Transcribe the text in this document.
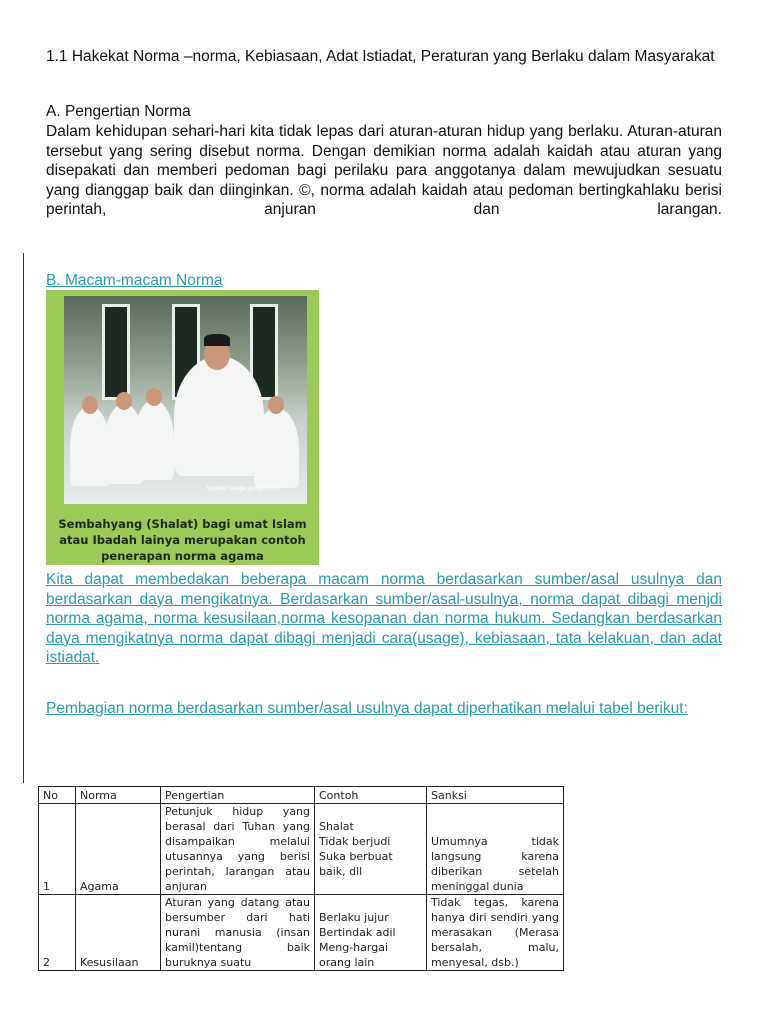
1.1 Hakekat Norma –norma, Kebiasaan, Adat Istiadat, Peraturan yang Berlaku dalam Masyarakat
A. Pengertian Norma
Dalam kehidupan sehari-hari kita tidak lepas dari aturan-aturan hidup yang berlaku. Aturan-aturan tersebut yang sering disebut norma. Dengan demikian norma adalah kaidah atau aturan yang disepakati dan memberi pedoman bagi perilaku para anggotanya dalam mewujudkan sesuatu yang dianggap baik dan diinginkan. ©, norma adalah kaidah atau pedoman bertingkahlaku berisi perintah, anjuran dan larangan.
B. Macam-macam Norma
Sumber: image.google.com
Sembahyang (Shalat) bagi umat Islam atau Ibadah lainya merupakan contoh penerapan norma agama
Kita dapat membedakan beberapa macam norma berdasarkan sumber/asal usulnya dan berdasarkan daya mengikatnya. Berdasarkan sumber/asal-usulnya, norma dapat dibagi menjdi norma agama, norma kesusilaan,norma kesopanan dan norma hukum. Sedangkan berdasarkan daya mengikatnya norma dapat dibagi menjadi cara(usage), kebiasaan, tata kelakuan, dan adat istiadat.
Pembagian norma berdasarkan sumber/asal usulnya dapat diperhatikan melalui tabel berikut:
No	Norma	Pengertian	Contoh	Sanksi
1	Agama	Petunjuk hidup yang berasal dari Tuhan yang disampaikan melalui utusannya yang berisi perintah, larangan atau anjuran	Shalat
Tidak berjudi
Suka berbuat baik, dll	Umumnya tidak langsung karena diberikan setelah meninggal dunia
2	Kesusilaan	Aturan yang datang atau bersumber dari hati nurani manusia (insan kamil)tentang baik buruknya suatu	Berlaku jujur
Bertindak adil
Meng-hargai orang lain	Tidak tegas, karena hanya diri sendiri yang merasakan (Merasa bersalah, malu, menyesal, dsb.)
